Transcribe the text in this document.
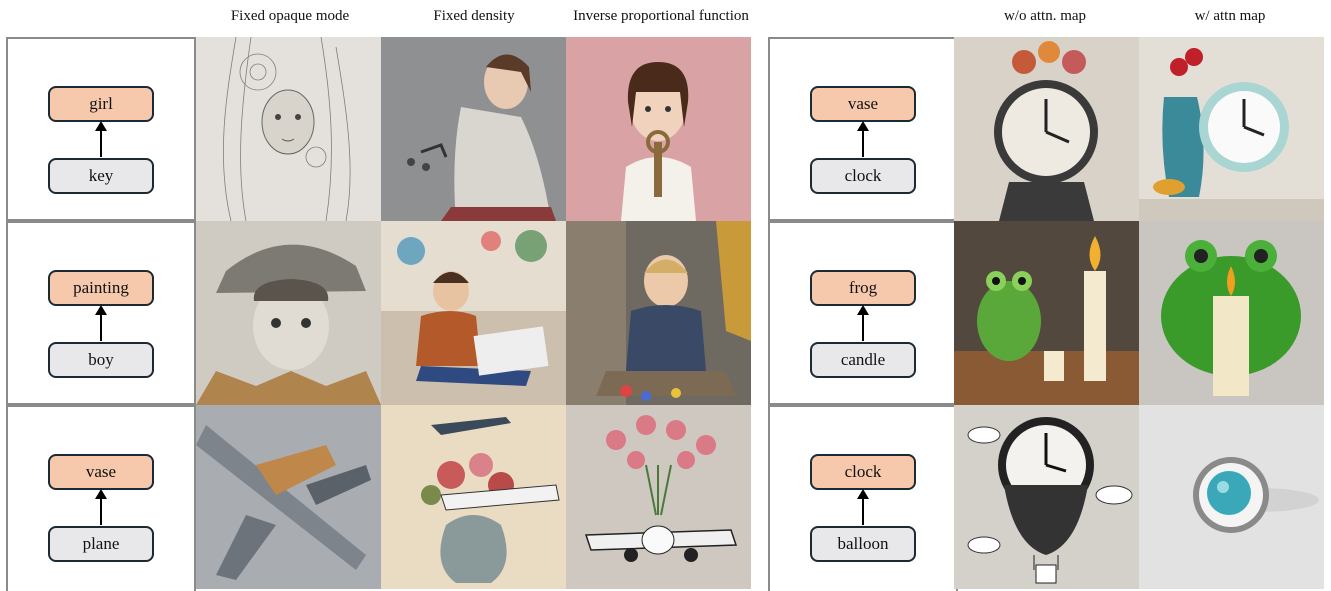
Fixed opaque mode	Fixed density	Inverse proportional function	w/o attn. map	w/ attn map
girl
key
painting
boy
vase
plane
vase
clock
frog
candle
clock
balloon
